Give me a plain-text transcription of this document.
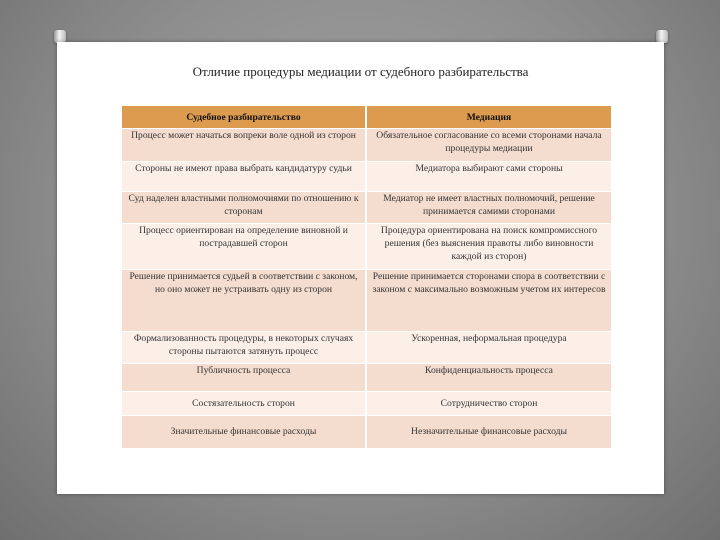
Отличие процедуры медиации от судебного разбирательства
Судебное разбирательство	Медиация
Процесс может начаться вопреки воле одной из сторон	Обязательное согласование со всеми сторонами начала процедуры медиации
Стороны не имеют права выбрать кандидатуру судьи	Медиатора выбирают сами стороны
Суд наделен властными полномочиями по отношению к сторонам	Медиатор не имеет властных полномочий, решение принимается самими сторонами
Процесс ориентирован на определение виновной и пострадавшей сторон	Процедура ориентирована на поиск компромиссного решения (без выяснения правоты либо виновности каждой из сторон)
Решение принимается судьей в соответствии с законом, но оно может не устраивать одну из сторон	Решение принимается сторонами спора в соответствии с законом с максимально возможным учетом их интересов
Формализованность процедуры, в некоторых случаях стороны пытаются затянуть процесс	Ускоренная, неформальная процедура
Публичность процесса	Конфиденциальность процесса
Состязательность сторон	Сотрудничество сторон
Значительные финансовые расходы	Незначительные финансовые расходы
